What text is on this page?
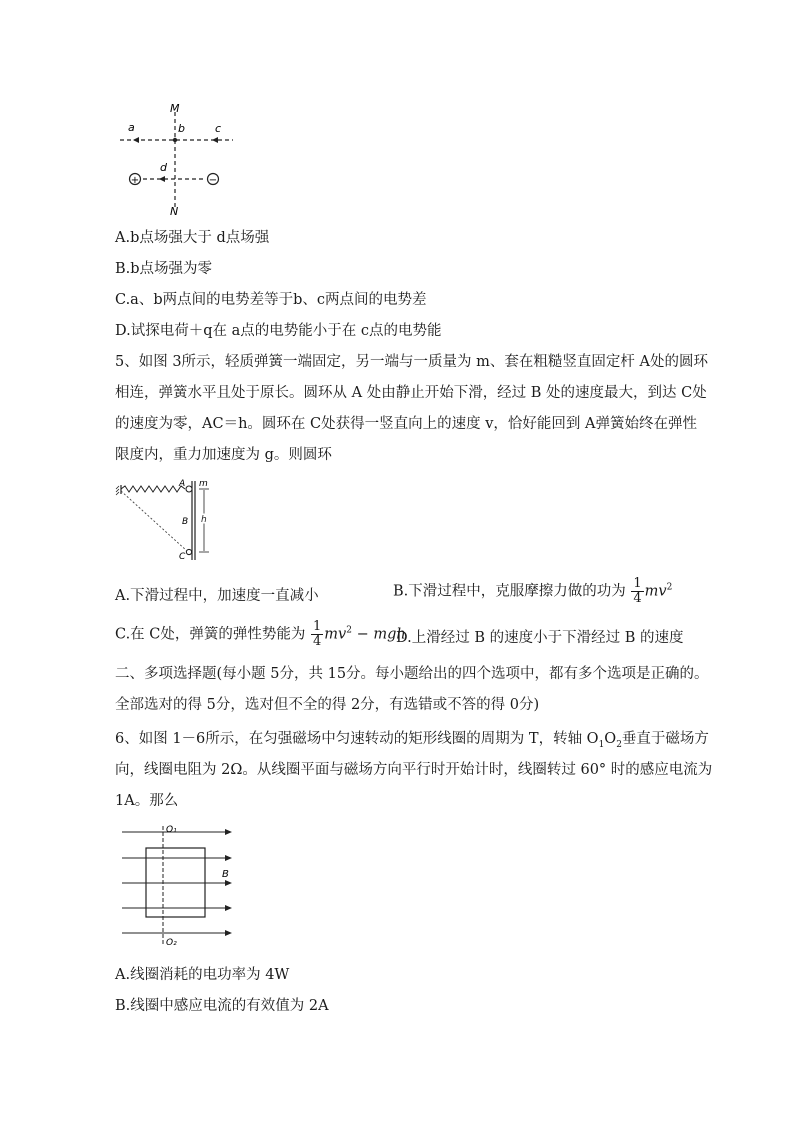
+	−
M
N
a	b	c
d
A.b点场强大于 d点场强
B.b点场强为零
C.a、b两点间的电势差等于b、c两点间的电势差
D.试探电荷＋q在 a点的电势能小于在 c点的电势能
5、如图 3所示，轻质弹簧一端固定，另一端与一质量为 m、套在粗糙竖直固定杆 A处的圆环
相连，弹簧水平且处于原长。圆环从 A 处由静止开始下滑，经过 B 处的速度最大，到达 C处
的速度为零，AC＝h。圆环在 C处获得一竖直向上的速度 v，恰好能回到 A弹簧始终在弹性
限度内，重力加速度为 g。则圆环
A m
B h
C
A.下滑过程中，加速度一直减小	B.下滑过程中，克服摩擦力做的功为 $\frac{1}{4} mv^2$
C.在 C处，弹簧的弹性势能为 $\frac{1}{4} mv^2$ − mgh
D.上滑经过 B 的速度小于下滑经过 B 的速度
二、多项选择题(每小题 5分，共 15分。每小题给出的四个选项中，都有多个选项是正确的。
全部选对的得 5分，选对但不全的得 2分，有选错或不答的得 0分)
6、如图 1－6所示，在匀强磁场中匀速转动的矩形线圈的周期为 T，转轴 $O_1O_2$垂直于磁场方
向，线圈电阻为 2Ω。从线圈平面与磁场方向平行时开始计时，线圈转过 60° 时的感应电流为
1A。那么
O₁
O₂
B
A.线圈消耗的电功率为 4W
B.线圈中感应电流的有效值为 2A
